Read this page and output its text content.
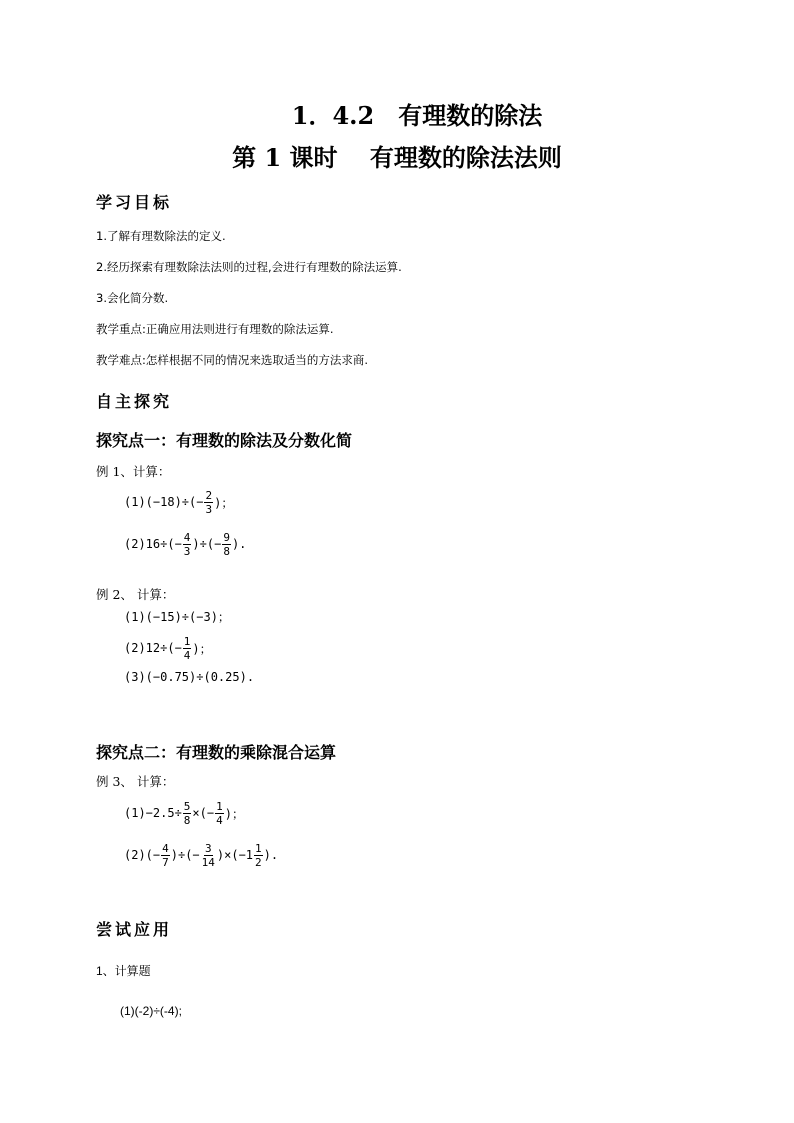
1．4.2　有理数的除法
第 1 课时　 有理数的除法法则
学习目标
1.了解有理数除法的定义.
2.经历探索有理数除法法则的过程,会进行有理数的除法运算.
3.会化简分数.
教学重点:正确应用法则进行有理数的除法运算.
教学难点:怎样根据不同的情况来选取适当的方法求商.
自主探究
探究点一：有理数的除法及分数化简
例 1、计算：
$(1)(-18)\div(- \frac{2}{3}$ )；
$(2)16\div(- \frac{4}{3}$ )÷(− $\frac{9}{8}$ ).
例 2、 计算：
(1)(−15)÷(−3)；
$(2)12\div(- \frac{1}{4}$ )；
(3)(−0.75)÷(0.25).
探究点二：有理数的乘除混合运算
例 3、 计算：
$(1)-2.5\div \frac{5}{8}$ ×(− $\frac{1}{4}$ )；
$(2)(- \frac{4}{7}$ )÷(− $\frac{3}{14} )\times(-1 \frac{1}{2}$ ).
尝试应用
1、计算题
(1)(-2)÷(-4);
